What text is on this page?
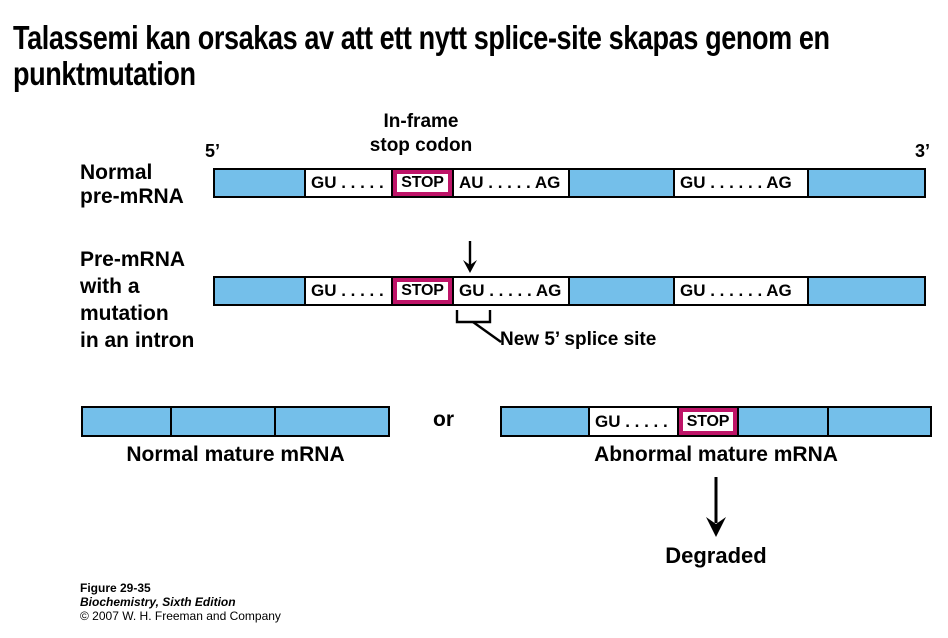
Talassemi kan orsakas av att ett nytt splice-site skapas genom en
punktmutation
In-frame
stop codon
5’	3’
Normal
pre-mRNA
GU . . . . .	STOP AU . . . . . AG	GU . . . . . . AG
Pre-mRNA
with a
mutation
in an intron
GU . . . . .	STOP GU . . . . . AG	GU . . . . . . AG
New 5’ splice site
Normal mature mRNA
or	GU . . . . .	STOP
Abnormal mature mRNA
Degraded
Figure 29-35
Biochemistry, Sixth Edition
© 2007 W. H. Freeman and Company
